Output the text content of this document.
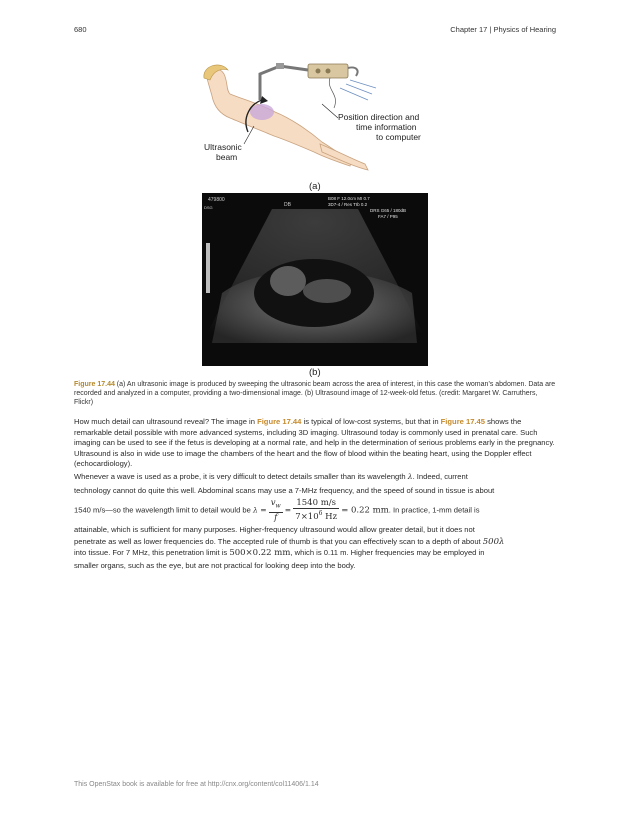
680	Chapter 17 | Physics of Hearing
Position direction and
time information
to computer
Ultrasonic
beam
(a)
479800
DSG	DB
B08 F 12.0cm MI 0.7
3D7-4 / Res TIb 0.2
DRS G65 / 180dB
FA7 / P95
(b)
Figure 17.44 (a) An ultrasonic image is produced by sweeping the ultrasonic beam across the area of interest, in this case the woman’s abdomen. Data are recorded and analyzed in a computer, providing a two-dimensional image. (b) Ultrasound image of 12-week-old fetus. (credit: Margaret W. Carruthers, Flickr)
How much detail can ultrasound reveal? The image in Figure 17.44 is typical of low-cost systems, but that in Figure 17.45 shows the remarkable detail possible with more advanced systems, including 3D imaging. Ultrasound today is commonly used in prenatal care. Such imaging can be used to see if the fetus is developing at a normal rate, and help in the determination of serious problems early in the pregnancy. Ultrasound is also in wide use to image the chambers of the heart and the flow of blood within the beating heart, using the Doppler effect (echocardiology).
Whenever a wave is used as a probe, it is very difficult to detect details smaller than its wavelength λ. Indeed, current
technology cannot do quite this well. Abdominal scans may use a 7-MHz frequency, and the speed of sound in tissue is about
1540 m/s—so the wavelength limit to detail would be $\lambda = \frac{v_w}{f} = \frac{1540 m/s}{7\times 10^6 Hz} = 0.22$ mm. In practice, 1-mm detail is
attainable, which is sufficient for many purposes. Higher-frequency ultrasound would allow greater detail, but it does not
penetrate as well as lower frequencies do. The accepted rule of thumb is that you can effectively scan to a depth of about 500λ
into tissue. For 7 MHz, this penetration limit is 500×0.22 mm, which is 0.11 m. Higher frequencies may be employed in
smaller organs, such as the eye, but are not practical for looking deep into the body.
This OpenStax book is available for free at http://cnx.org/content/col11406/1.14
